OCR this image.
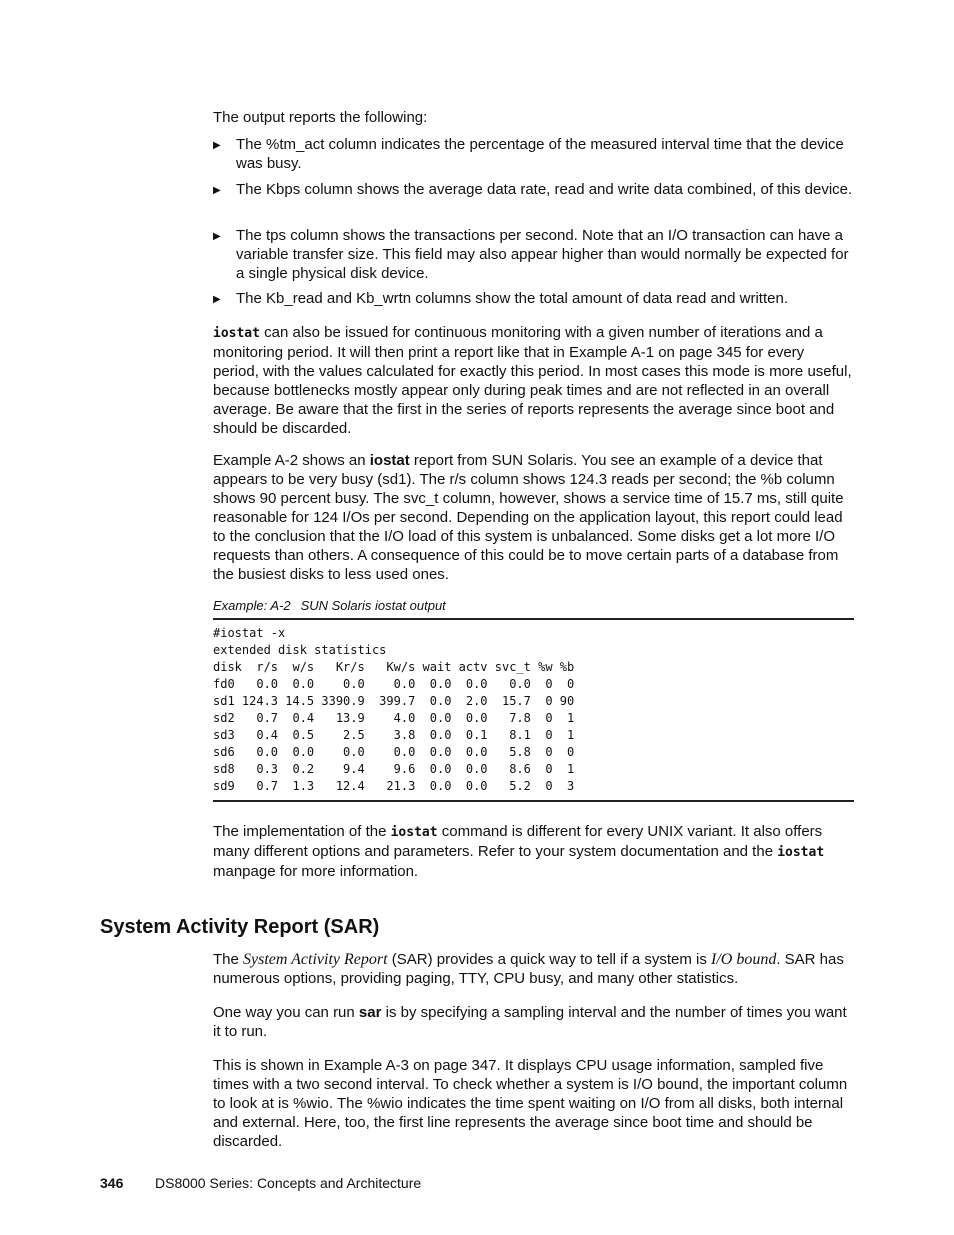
The output reports the following:
▶ The %tm_act column indicates the percentage of the measured interval time that the device was busy.
▶ The Kbps column shows the average data rate, read and write data combined, of this device.
▶ The tps column shows the transactions per second. Note that an I/O transaction can have a variable transfer size. This field may also appear higher than would normally be expected for a single physical disk device.
▶ The Kb_read and Kb_wrtn columns show the total amount of data read and written.
iostat can also be issued for continuous monitoring with a given number of iterations and a monitoring period. It will then print a report like that in Example A-1 on page 345 for every period, with the values calculated for exactly this period. In most cases this mode is more useful, because bottlenecks mostly appear only during peak times and are not reflected in an overall average. Be aware that the first in the series of reports represents the average since boot and should be discarded.
Example A-2 shows an iostat report from SUN Solaris. You see an example of a device that appears to be very busy (sd1). The r/s column shows 124.3 reads per second; the %b column shows 90 percent busy. The svc_t column, however, shows a service time of 15.7 ms, still quite reasonable for 124 I/Os per second. Depending on the application layout, this report could lead to the conclusion that the I/O load of this system is unbalanced. Some disks get a lot more I/O requests than others. A consequence of this could be to move certain parts of a database from the busiest disks to less used ones.
Example: A-2 SUN Solaris iostat output
#iostat -x
extended disk statistics
disk  r/s  w/s   Kr/s   Kw/s wait actv svc_t %w %b
fd0   0.0  0.0    0.0    0.0  0.0  0.0   0.0  0  0
sd1 124.3 14.5 3390.9  399.7  0.0  2.0  15.7  0 90
sd2   0.7  0.4   13.9    4.0  0.0  0.0   7.8  0  1
sd3   0.4  0.5    2.5    3.8  0.0  0.1   8.1  0  1
sd6   0.0  0.0    0.0    0.0  0.0  0.0   5.8  0  0
sd8   0.3  0.2    9.4    9.6  0.0  0.0   8.6  0  1
sd9   0.7  1.3   12.4   21.3  0.0  0.0   5.2  0  3
The implementation of the iostat command is different for every UNIX variant. It also offers many different options and parameters. Refer to your system documentation and the iostat manpage for more information.
System Activity Report (SAR)
The System Activity Report (SAR) provides a quick way to tell if a system is I/O bound. SAR has numerous options, providing paging, TTY, CPU busy, and many other statistics.
One way you can run sar is by specifying a sampling interval and the number of times you want it to run.
This is shown in Example A-3 on page 347. It displays CPU usage information, sampled five times with a two second interval. To check whether a system is I/O bound, the important column to look at is %wio. The %wio indicates the time spent waiting on I/O from all disks, both internal and external. Here, too, the first line represents the average since boot time and should be discarded.
346 DS8000 Series: Concepts and Architecture
